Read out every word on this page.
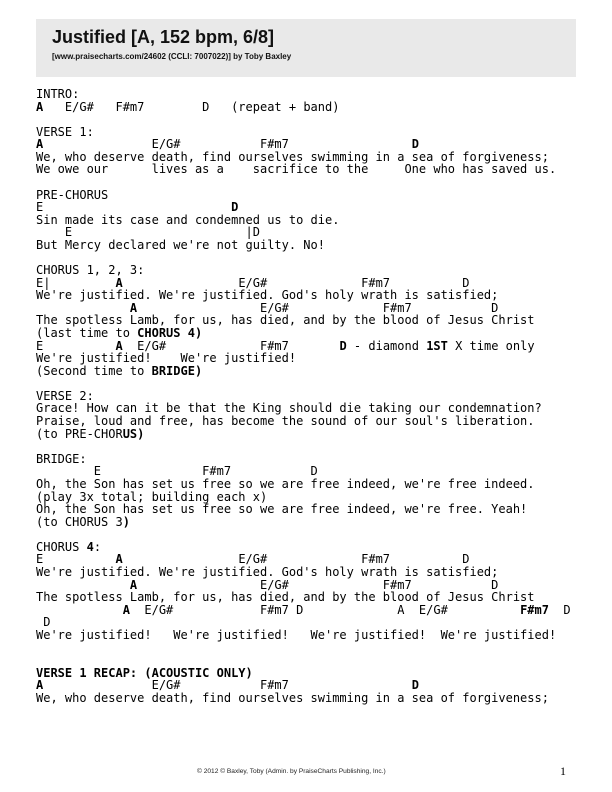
Justified [A, 152 bpm, 6/8]
[www.praisecharts.com/24602 (CCLI: 7007022)] by Toby Baxley
INTRO:
A   E/G#   F#m7        D   (repeat + band)
VERSE 1:
A               E/G#           F#m7                 D
We, who deserve death, find ourselves swimming in a sea of forgiveness;
We owe our      lives as a    sacrifice to the     One who has saved us.
PRE-CHORUS
E                          D
Sin made its case and condemned us to die.
E                        |D
But Mercy declared we're not guilty. No!
CHORUS 1, 2, 3:
E|         A                E/G#             F#m7          D
We're justified. We're justified. God's holy wrath is satisfied;
A                 E/G#             F#m7           D
The spotless Lamb, for us, has died, and by the blood of Jesus Christ
(last time to CHORUS 4)
E          A  E/G#             F#m7       D - diamond 1ST X time only
We're justified!    We're justified!
(Second time to BRIDGE)
VERSE 2:
Grace! How can it be that the King should die taking our condemnation?
Praise, loud and free, has become the sound of our soul's liberation.
(to PRE-CHORUS)
BRIDGE:
E              F#m7           D
Oh, the Son has set us free so we are free indeed, we're free indeed.
(play 3x total; building each x)
Oh, the Son has set us free so we are free indeed, we're free. Yeah!
(to CHORUS 3)
CHORUS 4:
E          A                E/G#             F#m7          D
We're justified. We're justified. God's holy wrath is satisfied;
A                 E/G#             F#m7           D
The spotless Lamb, for us, has died, and by the blood of Jesus Christ
A  E/G#            F#m7 D             A  E/G#          F#m7  D
D
We're justified!   We're justified!   We're justified!  We're justified!
VERSE 1 RECAP: (ACOUSTIC ONLY)
A               E/G#           F#m7                 D
We, who deserve death, find ourselves swimming in a sea of forgiveness;
© 2012 © Baxley, Toby (Admin. by PraiseCharts Publishing, Inc.)	1
